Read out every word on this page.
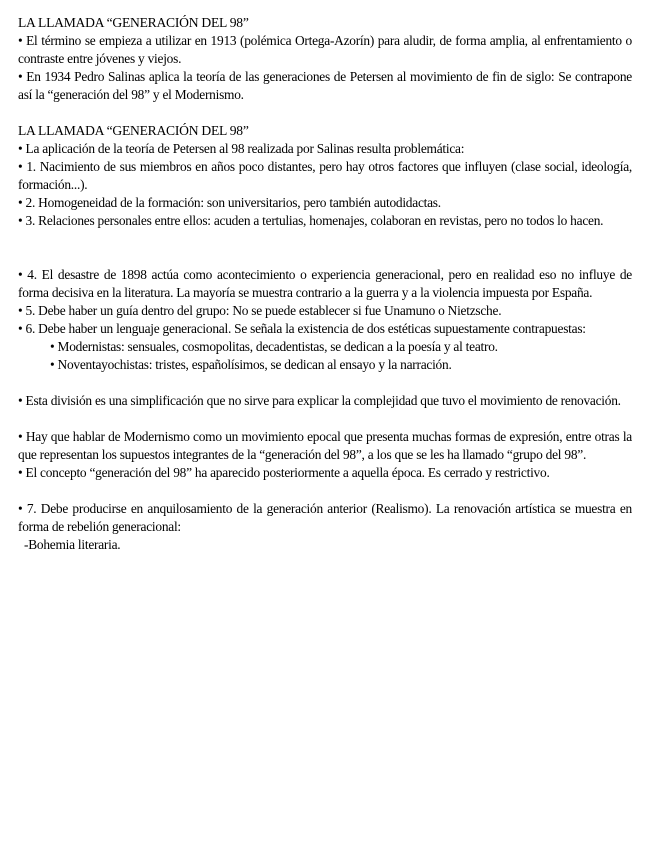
LA LLAMADA “GENERACIÓN DEL 98”

• El término se empieza a utilizar en 1913 (polémica Ortega-Azorín) para aludir, de forma amplia, al enfrentamiento o contraste entre jóvenes y viejos.

• En 1934 Pedro Salinas aplica la teoría de las generaciones de Petersen al movimiento de fin de siglo: Se contrapone así la “generación del 98” y el Modernismo.

LA LLAMADA “GENERACIÓN DEL 98”

• La aplicación de la teoría de Petersen al 98 realizada por Salinas resulta problemática:

• 1. Nacimiento de sus miembros en años poco distantes, pero hay otros factores que influyen (clase social, ideología, formación...).

• 2. Homogeneidad de la formación: son universitarios, pero también autodidactas.

• 3. Relaciones personales entre ellos: acuden a tertulias, homenajes, colaboran en revistas, pero no todos lo hacen.

• 4. El desastre de 1898 actúa como acontecimiento o experiencia generacional, pero en realidad eso no influye de forma decisiva en la literatura. La mayoría se muestra contrario a la guerra y a la violencia impuesta por España.

• 5. Debe haber un guía dentro del grupo: No se puede establecer si fue Unamuno o Nietzsche.

• 6. Debe haber un lenguaje generacional. Se señala la existencia de dos estéticas supuestamente contrapuestas:

• Modernistas: sensuales, cosmopolitas, decadentistas, se dedican a la poesía y al teatro.

• Noventayochistas: tristes, españolísimos, se dedican al ensayo y la narración.

• Esta división es una simplificación que no sirve para explicar la complejidad que tuvo el movimiento de renovación.

• Hay que hablar de Modernismo como un movimiento epocal que presenta muchas formas de expresión, entre otras la que representan los supuestos integrantes de la “generación del 98”, a los que se les ha llamado “grupo del 98”.

• El concepto “generación del 98” ha aparecido posteriormente a aquella época. Es cerrado y restrictivo.

• 7. Debe producirse en anquilosamiento de la generación anterior (Realismo). La renovación artística se muestra en forma de rebelión generacional:

-Bohemia literaria.
